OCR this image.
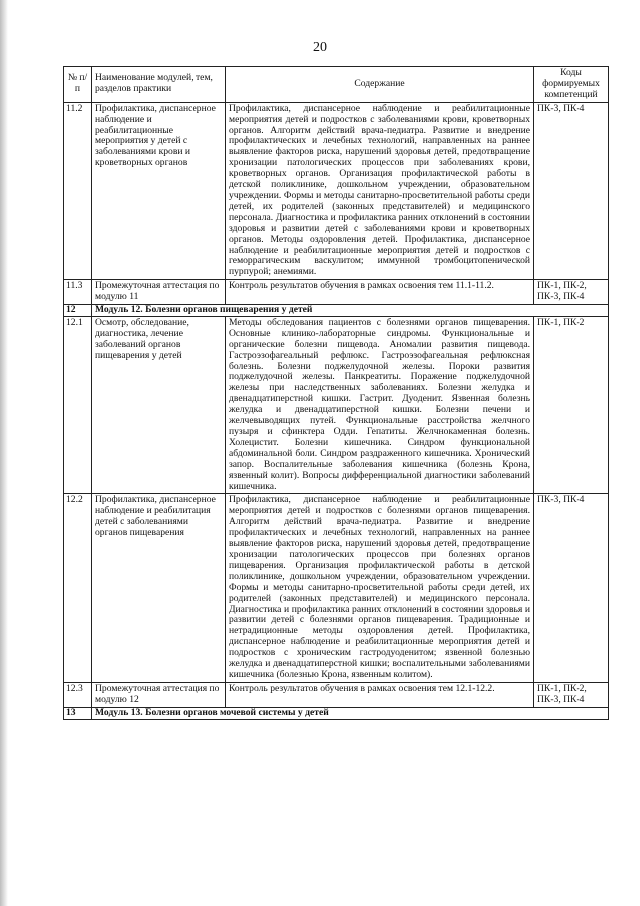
20
№ п/п	Наименование модулей, тем, разделов практики	Содержание	Коды формируемых компетенций
11.2	Профилактика, диспансерное наблюдение и реабилитационные мероприятия у детей с заболеваниями крови и кроветворных органов	Профилактика, диспансерное наблюдение и реабилитационные мероприятия детей и подростков с заболеваниями крови, кроветворных органов. Алгоритм действий врача-педиатра. Развитие и внедрение профилактических и лечебных технологий, направленных на раннее выявление факторов риска, нарушений здоровья детей, предотвращение хронизации патологических процессов при заболеваниях крови, кроветворных органов. Организация профилактической работы в детской поликлинике, дошкольном учреждении, образовательном учреждении. Формы и методы санитарно-просветительной работы среди детей, их родителей (законных представителей) и медицинского персонала. Диагностика и профилактика ранних отклонений в состоянии здоровья и развитии детей с заболеваниями крови и кроветворных органов. Методы оздоровления детей. Профилактика, диспансерное наблюдение и реабилитационные мероприятия детей и подростков с геморрагическим васкулитом; иммунной тромбоцитопенической пурпурой; анемиями.	ПК-3, ПК-4
11.3	Промежуточная аттестация по модулю 11	Контроль результатов обучения в рамках освоения тем 11.1-11.2.	ПК-1, ПК-2, ПК-3, ПК-4
12	Модуль 12. Болезни органов пищеварения у детей		
12.1	Осмотр, обследование, диагностика, лечение заболеваний органов пищеварения у детей	Методы обследования пациентов с болезнями органов пищеварения. Основные клинико-лабораторные синдромы. Функциональные и органические болезни пищевода. Аномалии развития пищевода. Гастроэзофагеальный рефлюкс. Гастроэзофагеальная рефлюксная болезнь. Болезни поджелудочной железы. Пороки развития поджелудочной железы. Панкреатиты. Поражение поджелудочной железы при наследственных заболеваниях. Болезни желудка и двенадцатиперстной кишки. Гастрит. Дуоденит. Язвенная болезнь желудка и двенадцатиперстной кишки. Болезни печени и желчевыводящих путей. Функциональные расстройства желчного пузыря и сфинктера Одди. Гепатиты. Желчнокаменная болезнь. Холецистит. Болезни кишечника. Синдром функциональной абдоминальной боли. Синдром раздраженного кишечника. Хронический запор. Воспалительные заболевания кишечника (болезнь Крона, язвенный колит). Вопросы дифференциальной диагностики заболеваний кишечника.	ПК-1, ПК-2
12.2	Профилактика, диспансерное наблюдение и реабилитация детей с заболеваниями органов пищеварения	Профилактика, диспансерное наблюдение и реабилитационные мероприятия детей и подростков с болезнями органов пищеварения. Алгоритм действий врача-педиатра. Развитие и внедрение профилактических и лечебных технологий, направленных на раннее выявление факторов риска, нарушений здоровья детей, предотвращение хронизации патологических процессов при болезнях органов пищеварения. Организация профилактической работы в детской поликлинике, дошкольном учреждении, образовательном учреждении. Формы и методы санитарно-просветительной работы среди детей, их родителей (законных представителей) и медицинского персонала. Диагностика и профилактика ранних отклонений в состоянии здоровья и развитии детей с болезнями органов пищеварения. Традиционные и нетрадиционные методы оздоровления детей. Профилактика, диспансерное наблюдение и реабилитационные мероприятия детей и подростков с хроническим гастродуоденитом; язвенной болезнью желудка и двенадцатиперстной кишки; воспалительными заболеваниями кишечника (болезнью Крона, язвенным колитом).	ПК-3, ПК-4
12.3	Промежуточная аттестация по модулю 12	Контроль результатов обучения в рамках освоения тем 12.1-12.2.	ПК-1, ПК-2, ПК-3, ПК-4
13	Модуль 13. Болезни органов мочевой системы у детей		
